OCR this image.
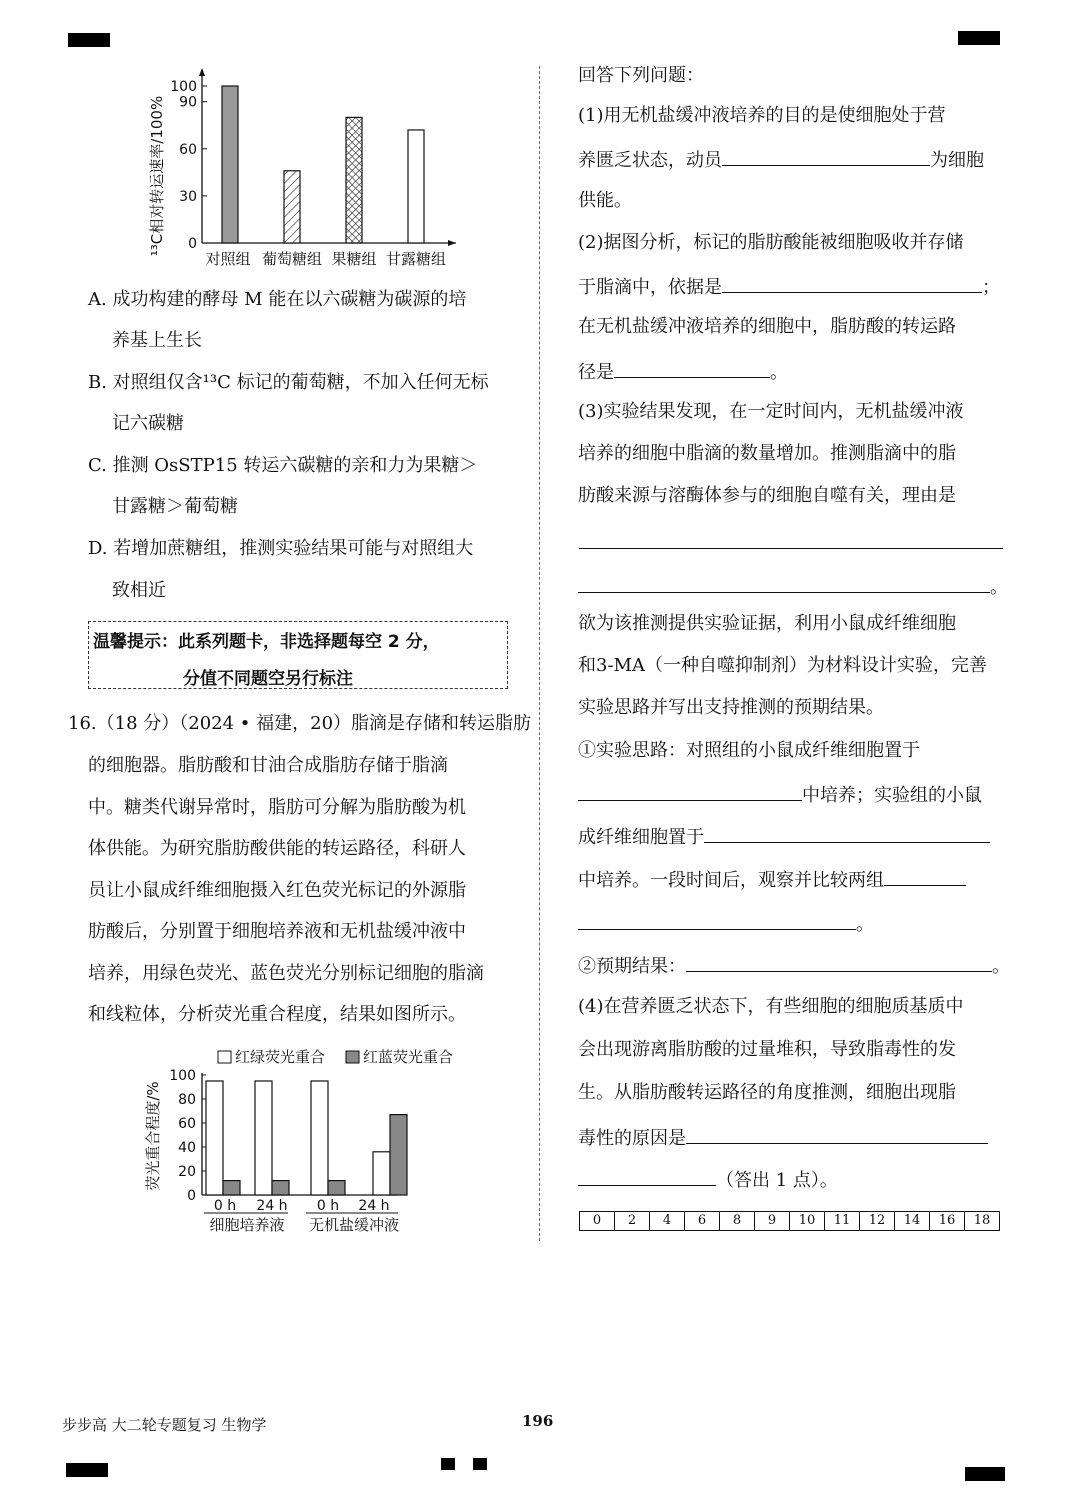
0
30
60
90
100
对照组 葡萄糖组 果糖组 甘露糖组
¹³C相对转运速率/100%
A. 成功构建的酵母 M 能在以六碳糖为碳源的培
养基上生长
B. 对照组仅含¹³C 标记的葡萄糖，不加入任何无标
记六碳糖
C. 推测 OsSTP15 转运六碳糖的亲和力为果糖＞
甘露糖＞葡萄糖
D. 若增加蔗糖组，推测实验结果可能与对照组大
致相近
温馨提示：此系列题卡，非选择题每空 2 分，
分值不同题空另行标注
16.（18 分）（2024 • 福建，20）脂滴是存储和转运脂肪
的细胞器。脂肪酸和甘油合成脂肪存储于脂滴
中。糖类代谢异常时，脂肪可分解为脂肪酸为机
体供能。为研究脂肪酸供能的转运路径，科研人
员让小鼠成纤维细胞摄入红色荧光标记的外源脂
肪酸后，分别置于细胞培养液和无机盐缓冲液中
培养，用绿色荧光、蓝色荧光分别标记细胞的脂滴
和线粒体，分析荧光重合程度，结果如图所示。
红绿荧光重合	红蓝荧光重合
0
20
40
60
80
100
0 h 24 h 0 h 24 h
细胞培养液 无机盐缓冲液
荧光重合程度/%
回答下列问题：
(1)用无机盐缓冲液培养的目的是使细胞处于营
养匮乏状态，动员	为细胞
供能。
(2)据图分析，标记的脂肪酸能被细胞吸收并存储
于脂滴中，依据是	；
在无机盐缓冲液培养的细胞中，脂肪酸的转运路
径是	。
(3)实验结果发现，在一定时间内，无机盐缓冲液
培养的细胞中脂滴的数量增加。推测脂滴中的脂
肪酸来源与溶酶体参与的细胞自噬有关，理由是
。
欲为该推测提供实验证据，利用小鼠成纤维细胞
和3-MA（一种自噬抑制剂）为材料设计实验，完善
实验思路并写出支持推测的预期结果。
①实验思路：对照组的小鼠成纤维细胞置于
中培养；实验组的小鼠
成纤维细胞置于
中培养。一段时间后，观察并比较两组
。
②预期结果：	。
(4)在营养匮乏状态下，有些细胞的细胞质基质中
会出现游离脂肪酸的过量堆积，导致脂毒性的发
生。从脂肪酸转运路径的角度推测，细胞出现脂
毒性的原因是
（答出 1 点）。
0	2	4	6	8	9	10	11	12	14	16	18
步步高 大二轮专题复习 生物学	196
